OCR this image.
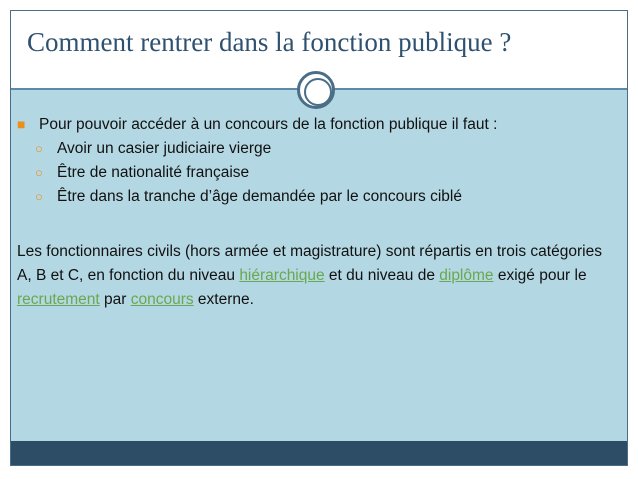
Comment rentrer dans la fonction publique ?
■ Pour pouvoir accéder à un concours de la fonction publique il faut :
○ Avoir un casier judiciaire vierge
○ Être de nationalité française
○ Être dans la tranche d’âge demandée par le concours ciblé

Les fonctionnaires civils (hors armée et magistrature) sont répartis en trois catégories A, B et C, en fonction du niveau hiérarchique et du niveau de diplôme exigé pour le recrutement par concours externe.
